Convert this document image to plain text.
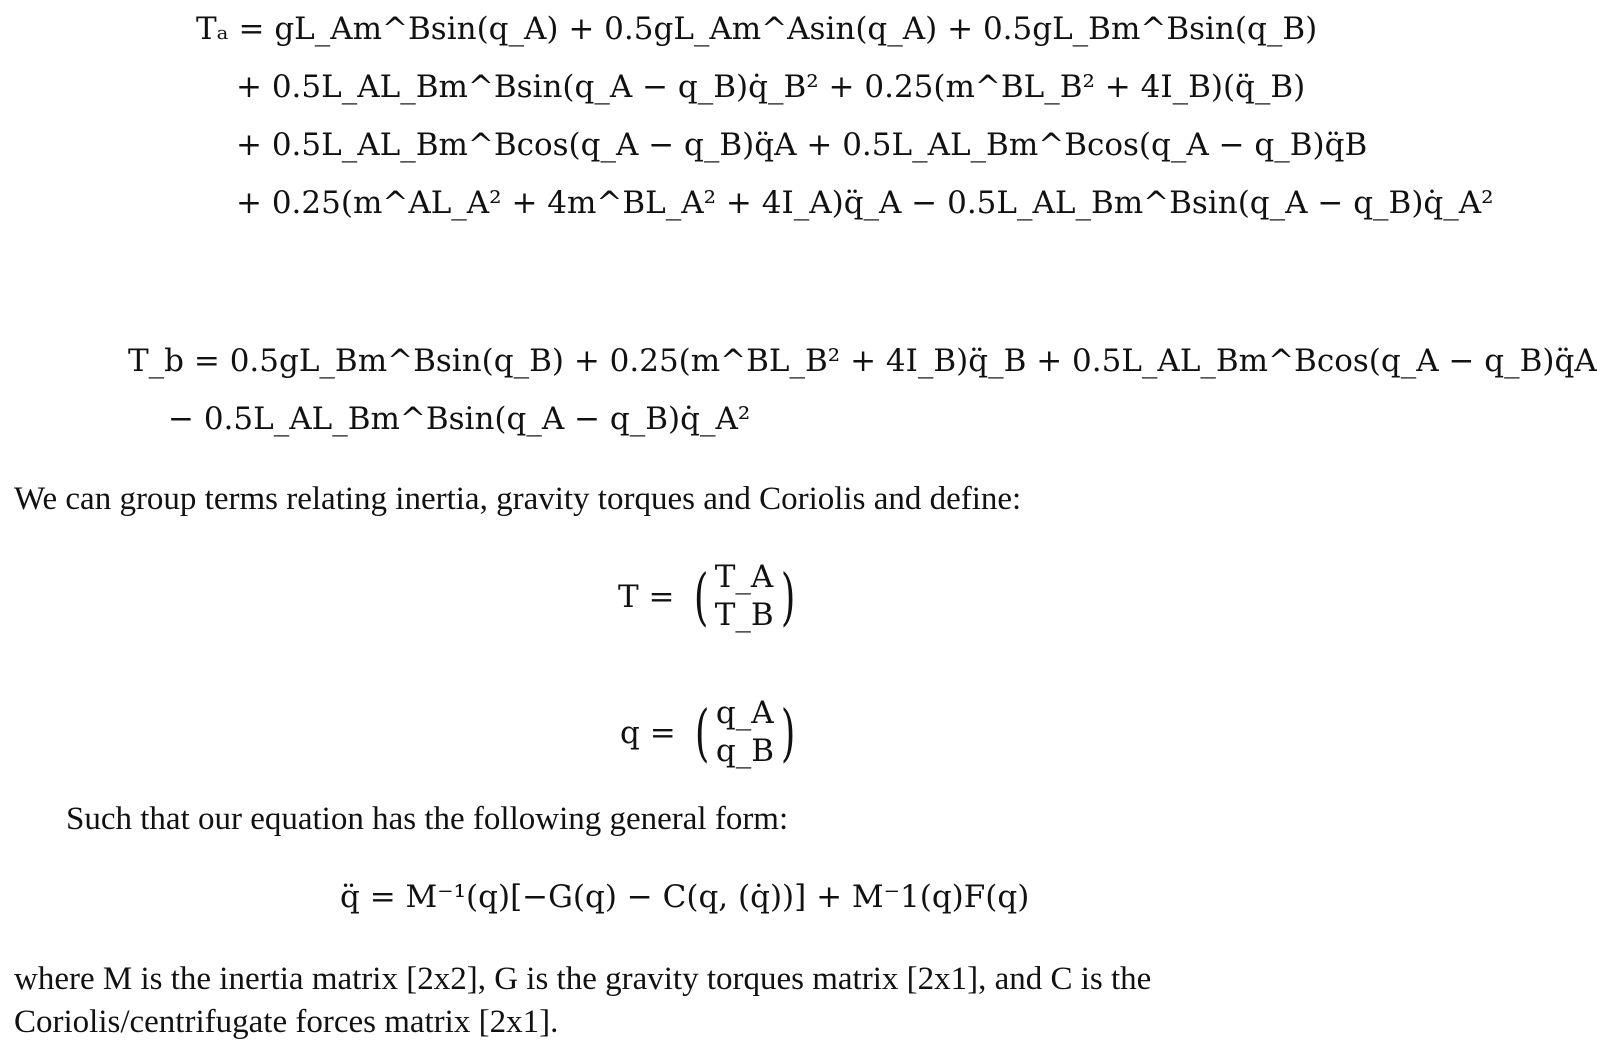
Tₐ = gL_Am^Bsin(q_A) + 0.5gL_Am^Asin(q_A) + 0.5gL_Bm^Bsin(q_B)
+ 0.5L_AL_Bm^Bsin(q_A − q_B)q̇_B² + 0.25(m^BL_B² + 4I_B)(q̈_B)
+ 0.5L_AL_Bm^Bcos(q_A − q_B)q̈A + 0.5L_AL_Bm^Bcos(q_A − q_B)q̈B
+ 0.25(m^AL_A² + 4m^BL_A² + 4I_A)q̈_A − 0.5L_AL_Bm^Bsin(q_A − q_B)q̇_A²
T_b = 0.5gL_Bm^Bsin(q_B) + 0.25(m^BL_B² + 4I_B)q̈_B + 0.5L_AL_Bm^Bcos(q_A − q_B)q̈A
− 0.5L_AL_Bm^Bsin(q_A − q_B)q̇_A²
We can group terms relating inertia, gravity torques and Coriolis and define:
T = ( T_A
T_B )
q = ( q_A
q_B )
Such that our equation has the following general form:
q̈ = M⁻¹(q)[−G(q) − C(q, (q̇))] + M⁻1(q)F(q)
where M is the inertia matrix [2x2], G is the gravity torques matrix [2x1], and C is the Coriolis/centrifugate forces matrix [2x1].
